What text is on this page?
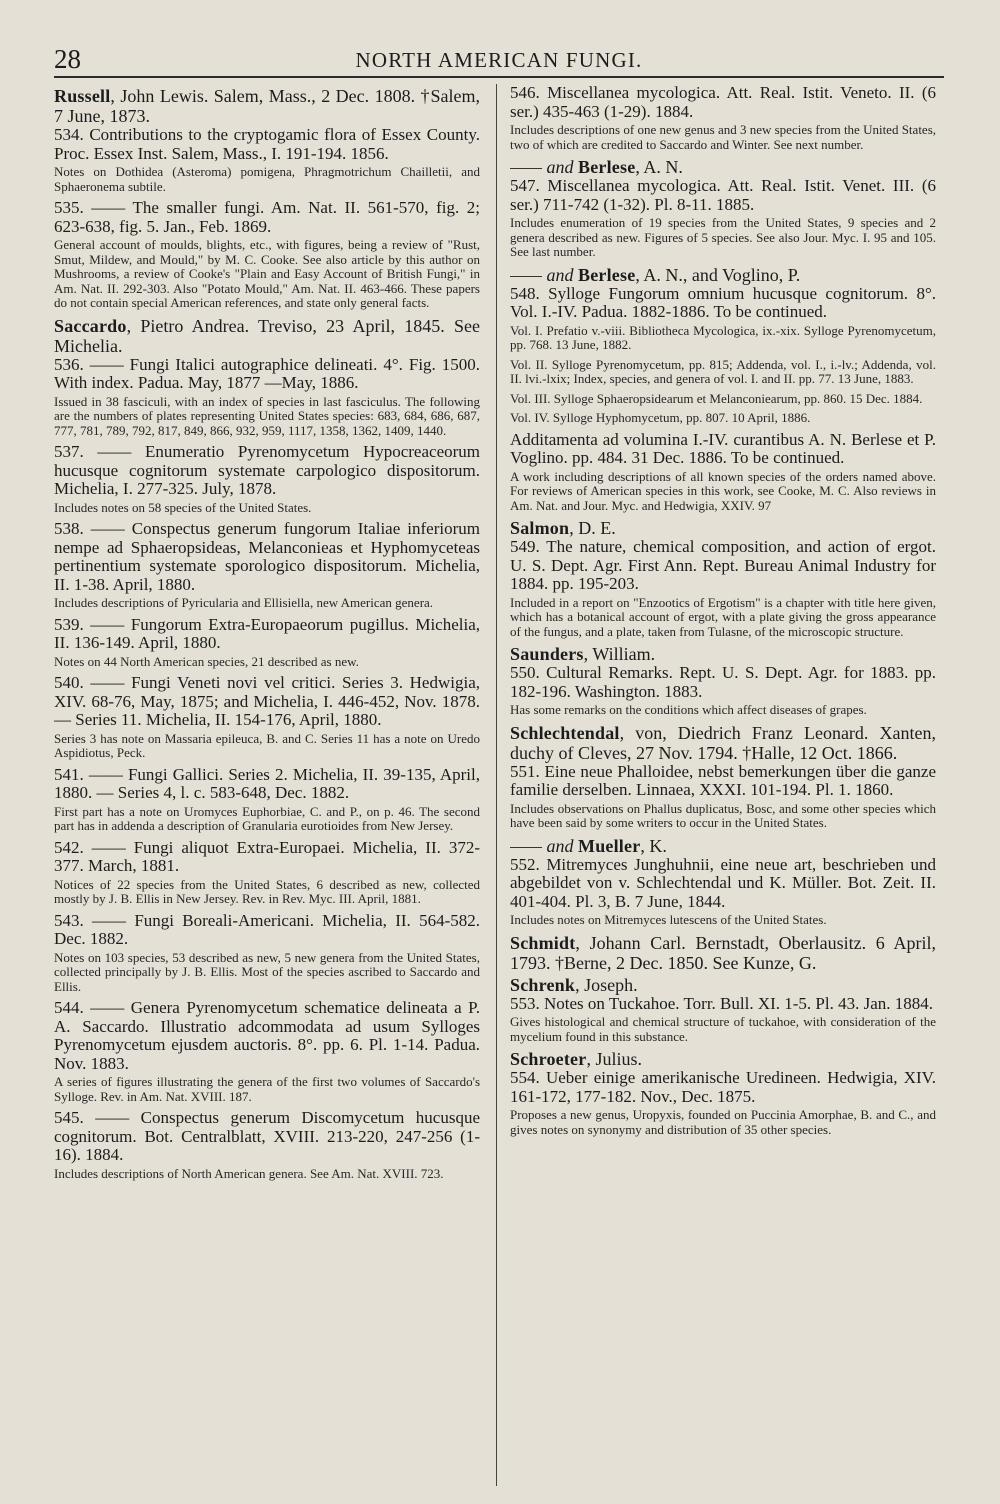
28	NORTH AMERICAN FUNGI.

Russell, John Lewis. Salem, Mass., 2 Dec. 1808. †Salem, 7 June, 1873.

534. Contributions to the cryptogamic flora of Essex County. Proc. Essex Inst. Salem, Mass., I. 191-194. 1856.

Notes on Dothidea (Asteroma) pomigena, Phragmotrichum Chailletii, and Sphaeronema subtile.

535. —— The smaller fungi. Am. Nat. II. 561-570, fig. 2; 623-638, fig. 5. Jan., Feb. 1869.

General account of moulds, blights, etc., with figures, being a review of "Rust, Smut, Mildew, and Mould," by M. C. Cooke. See also article by this author on Mushrooms, a review of Cooke's "Plain and Easy Account of British Fungi," in Am. Nat. II. 292-303. Also "Potato Mould," Am. Nat. II. 463-466. These papers do not contain special American references, and state only general facts.

Saccardo, Pietro Andrea. Treviso, 23 April, 1845. See Michelia.

536. —— Fungi Italici autographice delineati. 4°. Fig. 1500. With index. Padua. May, 1877 —May, 1886.

Issued in 38 fasciculi, with an index of species in last fasciculus. The following are the numbers of plates representing United States species: 683, 684, 686, 687, 777, 781, 789, 792, 817, 849, 866, 932, 959, 1117, 1358, 1362, 1409, 1440.

537. —— Enumeratio Pyrenomycetum Hypocreaceorum hucusque cognitorum systemate carpologico dispositorum. Michelia, I. 277-325. July, 1878.

Includes notes on 58 species of the United States.

538. —— Conspectus generum fungorum Italiae inferiorum nempe ad Sphaeropsideas, Melanconieas et Hyphomyceteas pertinentium systemate sporologico dispositorum. Michelia, II. 1-38. April, 1880.

Includes descriptions of Pyricularia and Ellisiella, new American genera.

539. —— Fungorum Extra-Europaeorum pugillus. Michelia, II. 136-149. April, 1880.

Notes on 44 North American species, 21 described as new.

540. —— Fungi Veneti novi vel critici. Series 3. Hedwigia, XIV. 68-76, May, 1875; and Michelia, I. 446-452, Nov. 1878. — Series 11. Michelia, II. 154-176, April, 1880.

Series 3 has note on Massaria epileuca, B. and C. Series 11 has a note on Uredo Aspidiotus, Peck.

541. —— Fungi Gallici. Series 2. Michelia, II. 39-135, April, 1880. — Series 4, l. c. 583-648, Dec. 1882.

First part has a note on Uromyces Euphorbiae, C. and P., on p. 46. The second part has in addenda a description of Granularia eurotioides from New Jersey.

542. —— Fungi aliquot Extra-Europaei. Michelia, II. 372-377. March, 1881.

Notices of 22 species from the United States, 6 described as new, collected mostly by J. B. Ellis in New Jersey. Rev. in Rev. Myc. III. April, 1881.

543. —— Fungi Boreali-Americani. Michelia, II. 564-582. Dec. 1882.

Notes on 103 species, 53 described as new, 5 new genera from the United States, collected principally by J. B. Ellis. Most of the species ascribed to Saccardo and Ellis.

544. —— Genera Pyrenomycetum schematice delineata a P. A. Saccardo. Illustratio adcommodata ad usum Sylloges Pyrenomycetum ejusdem auctoris. 8°. pp. 6. Pl. 1-14. Padua. Nov. 1883.

A series of figures illustrating the genera of the first two volumes of Saccardo's Sylloge. Rev. in Am. Nat. XVIII. 187.

545. —— Conspectus generum Discomycetum hucusque cognitorum. Bot. Centralblatt, XVIII. 213-220, 247-256 (1-16). 1884.

Includes descriptions of North American genera. See Am. Nat. XVIII. 723.

546. Miscellanea mycologica. Att. Real. Istit. Veneto. II. (6 ser.) 435-463 (1-29). 1884.

Includes descriptions of one new genus and 3 new species from the United States, two of which are credited to Saccardo and Winter. See next number.

—— and Berlese, A. N.

547. Miscellanea mycologica. Att. Real. Istit. Venet. III. (6 ser.) 711-742 (1-32). Pl. 8-11. 1885.

Includes enumeration of 19 species from the United States, 9 species and 2 genera described as new. Figures of 5 species. See also Jour. Myc. I. 95 and 105. See last number.

—— and Berlese, A. N., and Voglino, P.

548. Sylloge Fungorum omnium hucusque cognitorum. 8°. Vol. I.-IV. Padua. 1882-1886. To be continued.

Vol. I. Prefatio v.-viii. Bibliotheca Mycologica, ix.-xix. Sylloge Pyrenomycetum, pp. 768. 13 June, 1882.

Vol. II. Sylloge Pyrenomycetum, pp. 815; Addenda, vol. I., i.-lv.; Addenda, vol. II. lvi.-lxix; Index, species, and genera of vol. I. and II. pp. 77. 13 June, 1883.

Vol. III. Sylloge Sphaeropsidearum et Melanconiearum, pp. 860. 15 Dec. 1884.

Vol. IV. Sylloge Hyphomycetum, pp. 807. 10 April, 1886.

Additamenta ad volumina I.-IV. curantibus A. N. Berlese et P. Voglino. pp. 484. 31 Dec. 1886. To be continued.

A work including descriptions of all known species of the orders named above. For reviews of American species in this work, see Cooke, M. C. Also reviews in Am. Nat. and Jour. Myc. and Hedwigia, XXIV. 97

Salmon, D. E.

549. The nature, chemical composition, and action of ergot. U. S. Dept. Agr. First Ann. Rept. Bureau Animal Industry for 1884. pp. 195-203.

Included in a report on "Enzootics of Ergotism" is a chapter with title here given, which has a botanical account of ergot, with a plate giving the gross appearance of the fungus, and a plate, taken from Tulasne, of the microscopic structure.

Saunders, William.

550. Cultural Remarks. Rept. U. S. Dept. Agr. for 1883. pp. 182-196. Washington. 1883.

Has some remarks on the conditions which affect diseases of grapes.

Schlechtendal, von, Diedrich Franz Leonard. Xanten, duchy of Cleves, 27 Nov. 1794. †Halle, 12 Oct. 1866.

551. Eine neue Phalloidee, nebst bemerkungen über die ganze familie derselben. Linnaea, XXXI. 101-194. Pl. 1. 1860.

Includes observations on Phallus duplicatus, Bosc, and some other species which have been said by some writers to occur in the United States.

—— and Mueller, K.

552. Mitremyces Junghuhnii, eine neue art, beschrieben und abgebildet von v. Schlechtendal und K. Müller. Bot. Zeit. II. 401-404. Pl. 3, B. 7 June, 1844.

Includes notes on Mitremyces lutescens of the United States.

Schmidt, Johann Carl. Bernstadt, Oberlausitz. 6 April, 1793. †Berne, 2 Dec. 1850. See Kunze, G.

Schrenk, Joseph.

553. Notes on Tuckahoe. Torr. Bull. XI. 1-5. Pl. 43. Jan. 1884.

Gives histological and chemical structure of tuckahoe, with consideration of the mycelium found in this substance.

Schroeter, Julius.

554. Ueber einige amerikanische Uredineen. Hedwigia, XIV. 161-172, 177-182. Nov., Dec. 1875.

Proposes a new genus, Uropyxis, founded on Puccinia Amorphae, B. and C., and gives notes on synonymy and distribution of 35 other species.
